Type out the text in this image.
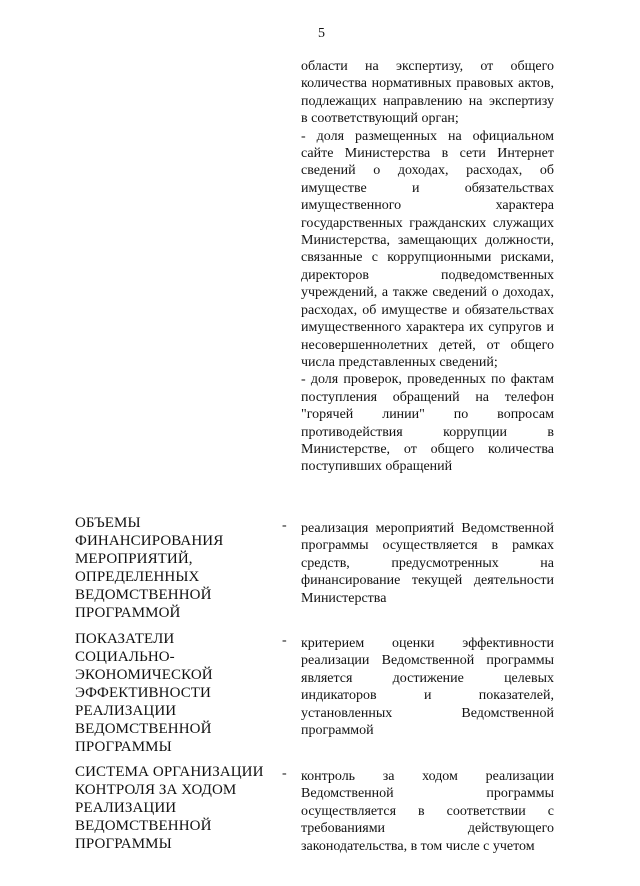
5

области на экспертизу, от общего количества нормативных правовых актов, подлежащих направлению на экспертизу в соответствующий орган;

- доля размещенных на официальном сайте Министерства в сети Интернет сведений о доходах, расходах, об имуществе и обязательствах имущественного характера государственных гражданских служащих Министерства, замещающих должности, связанные с коррупционными рисками, директоров подведомственных учреждений, а также сведений о доходах, расходах, об имуществе и обязательствах имущественного характера их супругов и несовершеннолетних детей, от общего числа представленных сведений;

- доля проверок, проведенных по фактам поступления обращений на телефон "горячей линии" по вопросам противодействия коррупции в Министерстве, от общего количества поступивших обращений

ОБЪЕМЫ
ФИНАНСИРОВАНИЯ
МЕРОПРИЯТИЙ,
ОПРЕДЕЛЕННЫХ
ВЕДОМСТВЕННОЙ
ПРОГРАММОЙ
- реализация мероприятий Ведомственной программы осуществляется в рамках средств, предусмотренных на финансирование текущей деятельности Министерства

ПОКАЗАТЕЛИ
СОЦИАЛЬНО-
ЭКОНОМИЧЕСКОЙ
ЭФФЕКТИВНОСТИ
РЕАЛИЗАЦИИ
ВЕДОМСТВЕННОЙ
ПРОГРАММЫ
- критерием оценки эффективности реализации Ведомственной программы является достижение целевых индикаторов и показателей, установленных Ведомственной программой

СИСТЕМА ОРГАНИЗАЦИИ
КОНТРОЛЯ ЗА ХОДОМ
РЕАЛИЗАЦИИ
ВЕДОМСТВЕННОЙ
ПРОГРАММЫ
- контроль за ходом реализации Ведомственной программы осуществляется в соответствии с требованиями действующего законодательства, в том числе с учетом
